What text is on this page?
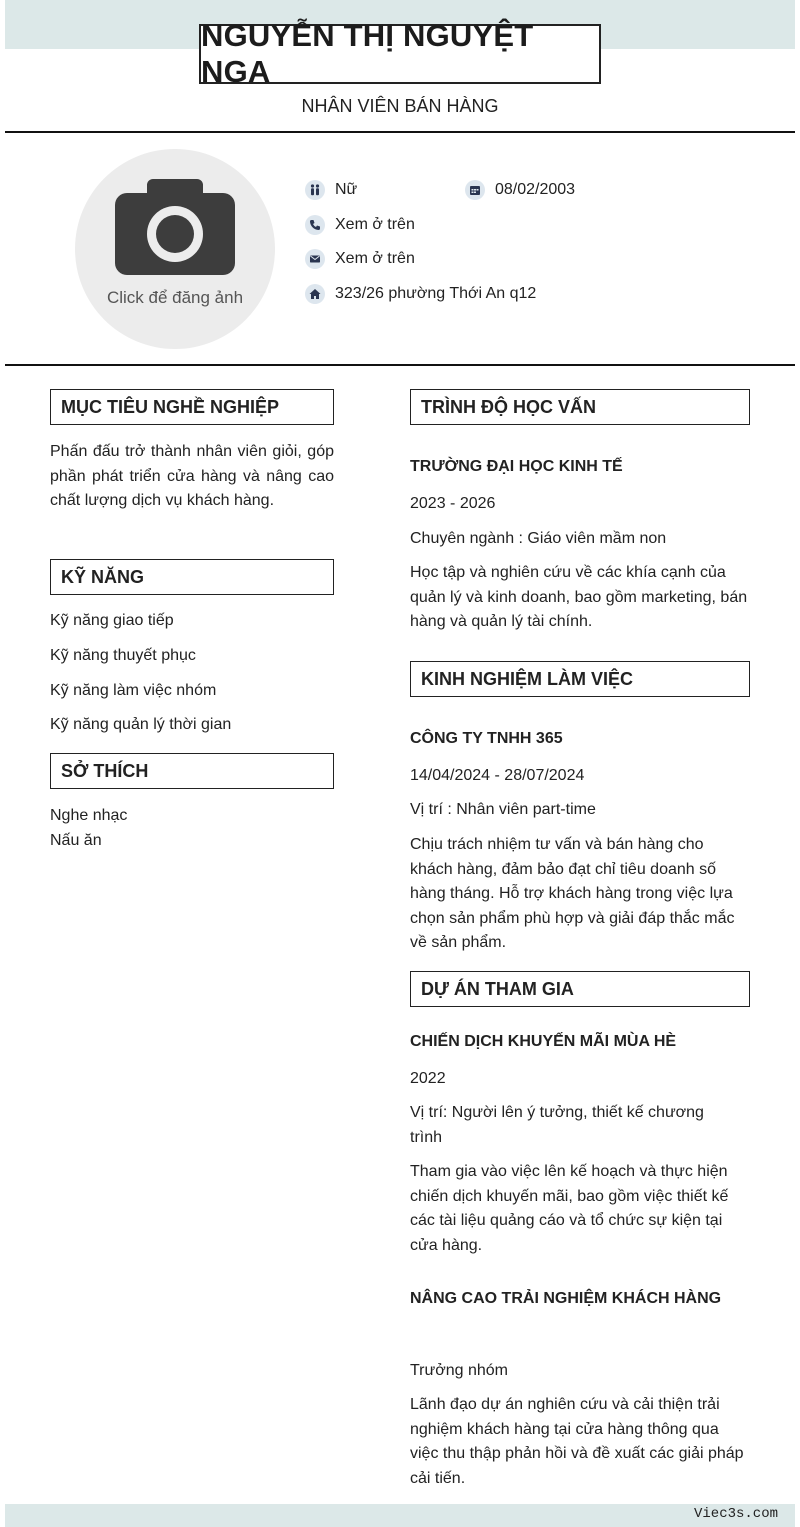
NGUYỄN THỊ NGUYỆT NGA
NHÂN VIÊN BÁN HÀNG
Click để đăng ảnh
Nữ	08/02/2003
Xem ở trên
Xem ở trên
323/26 phường Thới An q12
MỤC TIÊU NGHỀ NGHIỆP
Phấn đấu trở thành nhân viên giỏi, góp phần phát triển cửa hàng và nâng cao chất lượng dịch vụ khách hàng.
KỸ NĂNG
Kỹ năng giao tiếp
Kỹ năng thuyết phục
Kỹ năng làm việc nhóm
Kỹ năng quản lý thời gian
SỞ THÍCH
Nghe nhạc
Nấu ăn
TRÌNH ĐỘ HỌC VẤN
TRƯỜNG ĐẠI HỌC KINH TẾ
2023 - 2026
Chuyên ngành : Giáo viên mầm non
Học tập và nghiên cứu về các khía cạnh của quản lý và kinh doanh, bao gồm marketing, bán hàng và quản lý tài chính.
KINH NGHIỆM LÀM VIỆC
CÔNG TY TNHH 365
14/04/2024 - 28/07/2024
Vị trí : Nhân viên part-time
Chịu trách nhiệm tư vấn và bán hàng cho khách hàng, đảm bảo đạt chỉ tiêu doanh số hàng tháng. Hỗ trợ khách hàng trong việc lựa chọn sản phẩm phù hợp và giải đáp thắc mắc về sản phẩm.
DỰ ÁN THAM GIA
CHIẾN DỊCH KHUYẾN MÃI MÙA HÈ
2022
Vị trí: Người lên ý tưởng, thiết kế chương trình
Tham gia vào việc lên kế hoạch và thực hiện chiến dịch khuyến mãi, bao gồm việc thiết kế các tài liệu quảng cáo và tổ chức sự kiện tại cửa hàng.
NÂNG CAO TRẢI NGHIỆM KHÁCH HÀNG
Trưởng nhóm
Lãnh đạo dự án nghiên cứu và cải thiện trải nghiệm khách hàng tại cửa hàng thông qua việc thu thập phản hồi và đề xuất các giải pháp cải tiến.
Viec3s.com
